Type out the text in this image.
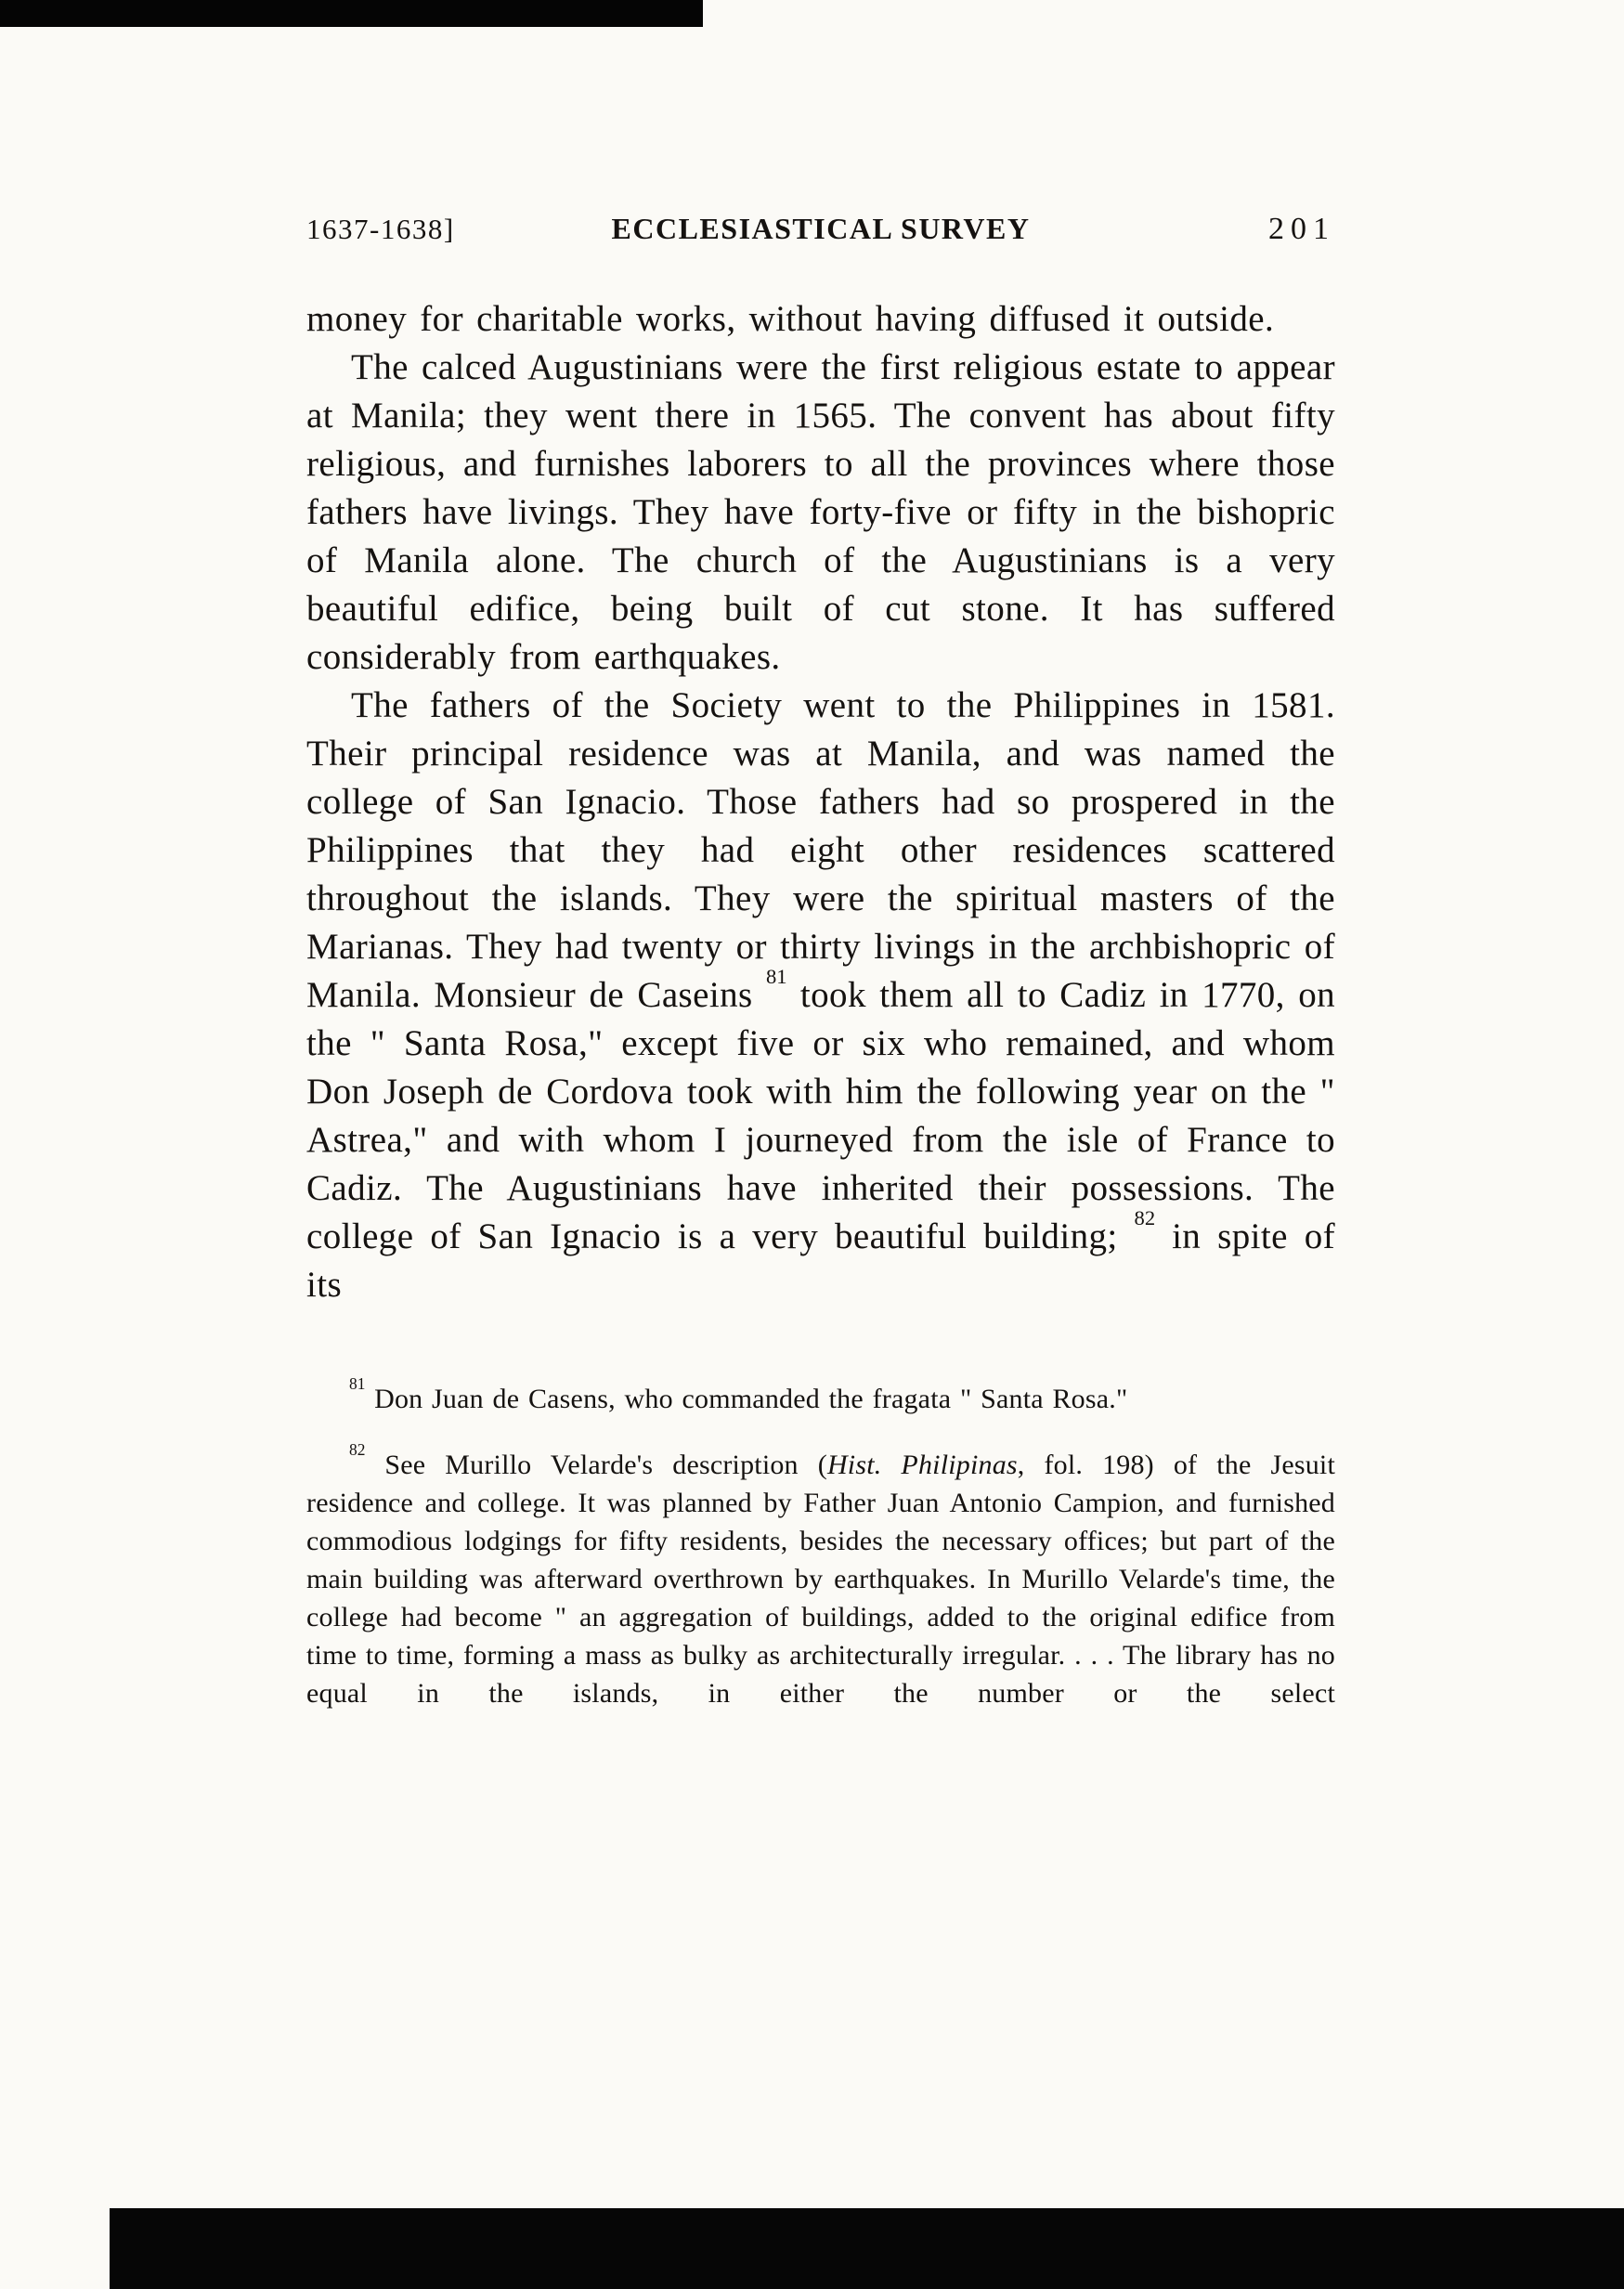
1637-1638]	ECCLESIASTICAL SURVEY	201

money for charitable works, without having diffused it outside.

The calced Augustinians were the first religious estate to appear at Manila; they went there in 1565. The convent has about fifty religious, and furnishes laborers to all the provinces where those fathers have livings. They have forty-five or fifty in the bishopric of Manila alone. The church of the Augustinians is a very beautiful edifice, being built of cut stone. It has suffered considerably from earthquakes.

The fathers of the Society went to the Philippines in 1581. Their principal residence was at Manila, and was named the college of San Ignacio. Those fathers had so prospered in the Philippines that they had eight other residences scattered throughout the islands. They were the spiritual masters of the Marianas. They had twenty or thirty livings in the archbishopric of Manila. Monsieur de Caseins $^{81}$ took them all to Cadiz in 1770, on the " Santa Rosa," except five or six who remained, and whom Don Joseph de Cordova took with him the following year on the " Astrea," and with whom I journeyed from the isle of France to Cadiz. The Augustinians have inherited their possessions. The college of San Ignacio is a very beautiful building; $^{82}$ in spite of its

$^{81}$ Don Juan de Casens, who commanded the fragata " Santa Rosa."

$^{82}$ See Murillo Velarde's description (Hist. Philipinas, fol. 198) of the Jesuit residence and college. It was planned by Father Juan Antonio Campion, and furnished commodious lodgings for fifty residents, besides the necessary offices; but part of the main building was afterward overthrown by earthquakes. In Murillo Velarde's time, the college had become " an aggregation of buildings, added to the original edifice from time to time, forming a mass as bulky as architecturally irregular. . . . The library has no equal in the islands, in either the number or the select
